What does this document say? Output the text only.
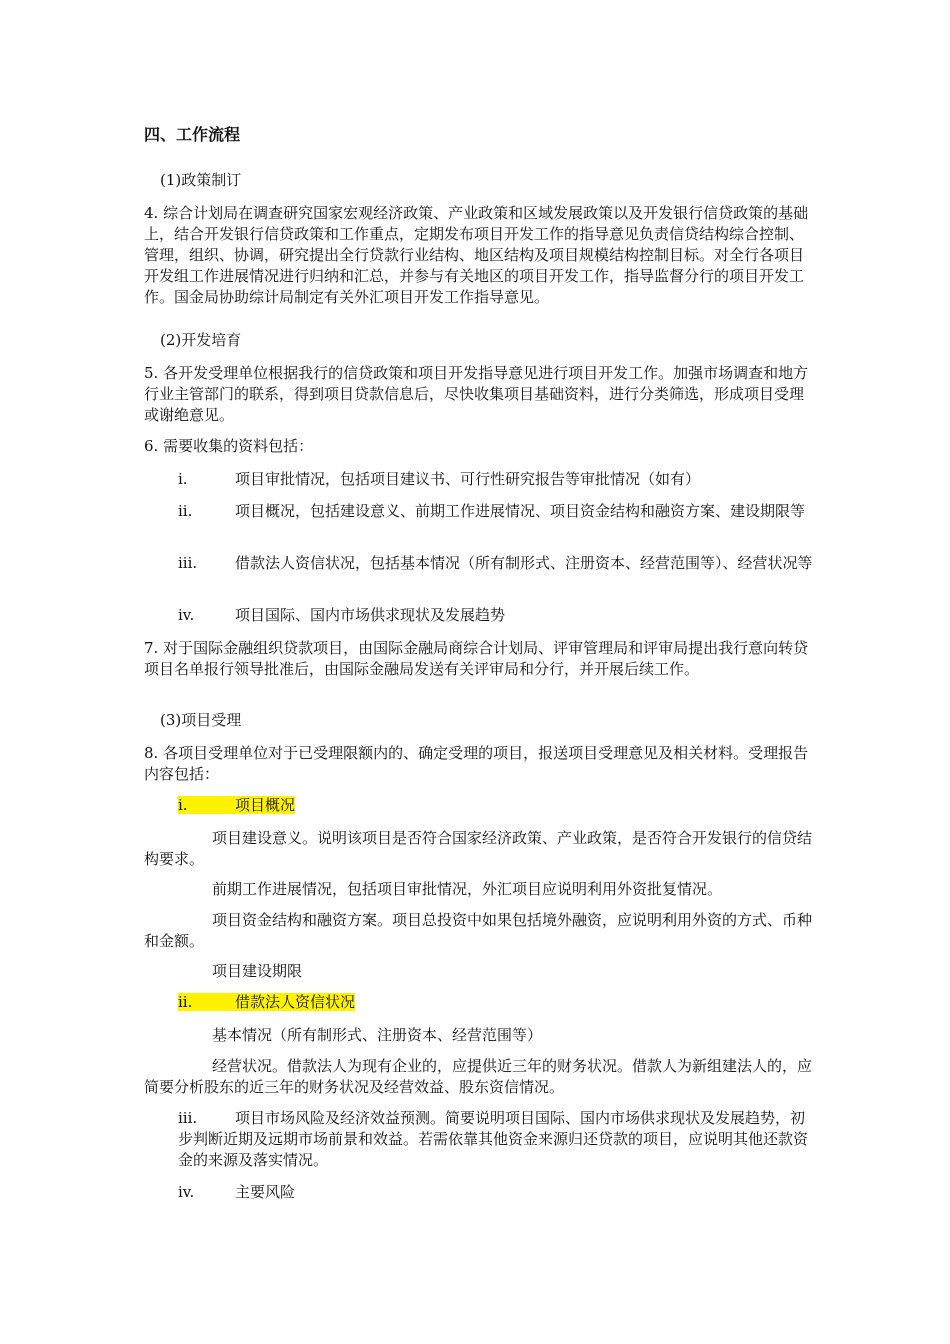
四、工作流程

(1)政策制订

4. 综合计划局在调查研究国家宏观经济政策、产业政策和区域发展政策以及开发银行信贷政策的基础上，结合开发银行信贷政策和工作重点，定期发布项目开发工作的指导意见负责信贷结构综合控制、管理，组织、协调，研究提出全行贷款行业结构、地区结构及项目规模结构控制目标。对全行各项目开发组工作进展情况进行归纳和汇总，并参与有关地区的项目开发工作，指导监督分行的项目开发工作。国金局协助综计局制定有关外汇项目开发工作指导意见。

(2)开发培育

5. 各开发受理单位根据我行的信贷政策和项目开发指导意见进行项目开发工作。加强市场调查和地方行业主管部门的联系，得到项目贷款信息后，尽快收集项目基础资料，进行分类筛选，形成项目受理或谢绝意见。

6. 需要收集的资料包括：

i.	项目审批情况，包括项目建议书、可行性研究报告等审批情况（如有）

ii.	项目概况，包括建设意义、前期工作进展情况、项目资金结构和融资方案、建设期限等

iii.	借款法人资信状况，包括基本情况（所有制形式、注册资本、经营范围等）、经营状况等

iv.	项目国际、国内市场供求现状及发展趋势

7. 对于国际金融组织贷款项目，由国际金融局商综合计划局、评审管理局和评审局提出我行意向转贷项目名单报行领导批准后，由国际金融局发送有关评审局和分行，并开展后续工作。

(3)项目受理

8. 各项目受理单位对于已受理限额内的、确定受理的项目，报送项目受理意见及相关材料。受理报告内容包括：

i.	项目概况

项目建设意义。说明该项目是否符合国家经济政策、产业政策，是否符合开发银行的信贷结构要求。

前期工作进展情况，包括项目审批情况，外汇项目应说明利用外资批复情况。

项目资金结构和融资方案。项目总投资中如果包括境外融资，应说明利用外资的方式、币种和金额。

项目建设期限

ii.	借款法人资信状况

基本情况（所有制形式、注册资本、经营范围等）

经营状况。借款法人为现有企业的，应提供近三年的财务状况。借款人为新组建法人的，应简要分析股东的近三年的财务状况及经营效益、股东资信情况。

iii.	项目市场风险及经济效益预测。简要说明项目国际、国内市场供求现状及发展趋势，初步判断近期及远期市场前景和效益。若需依靠其他资金来源归还贷款的项目，应说明其他还款资金的来源及落实情况。

iv.	主要风险
